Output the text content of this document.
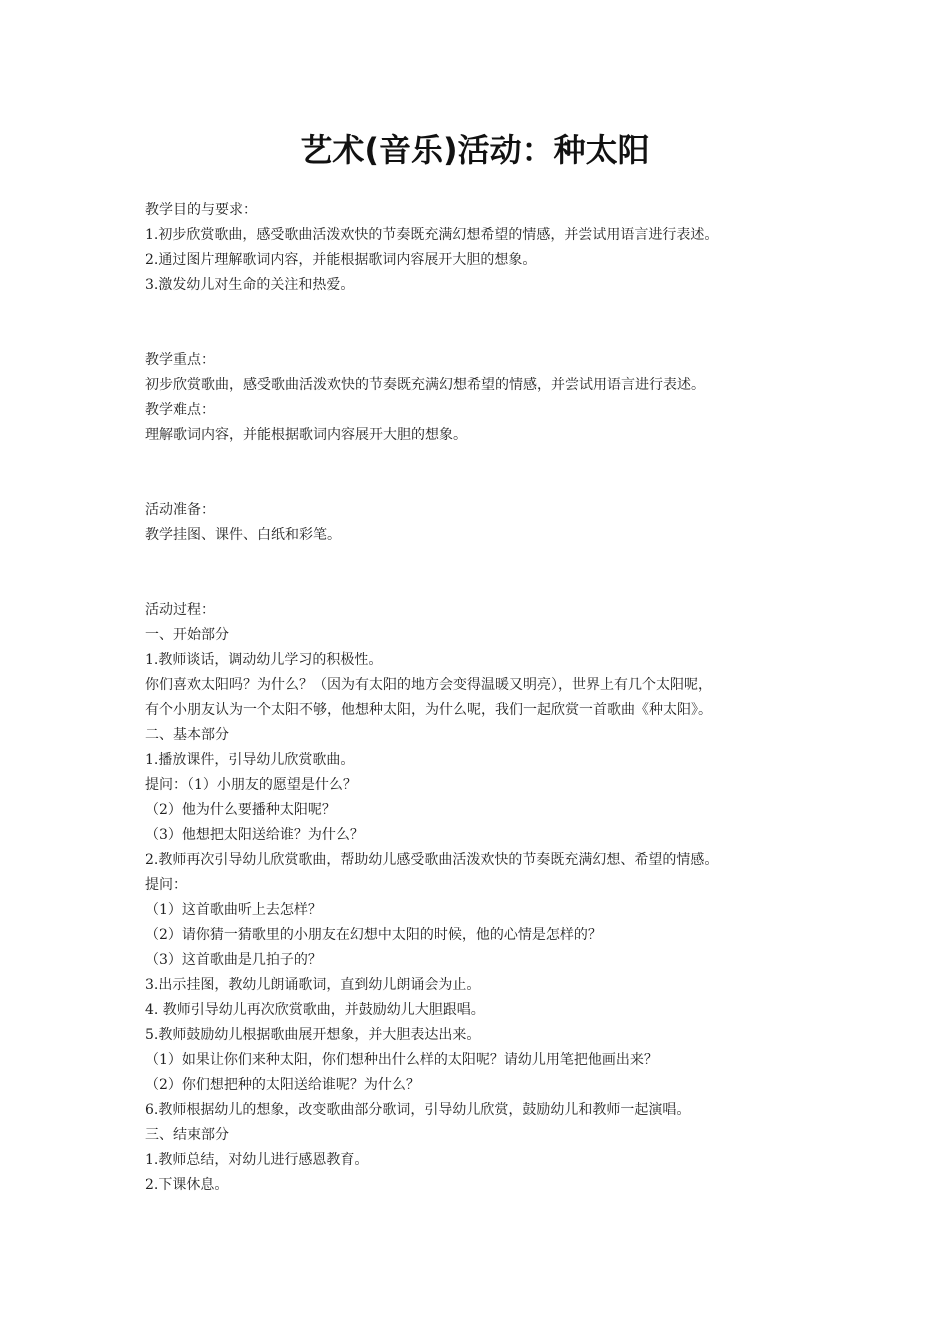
艺术(音乐)活动：种太阳
教学目的与要求：
1.初步欣赏歌曲，感受歌曲活泼欢快的节奏既充满幻想希望的情感，并尝试用语言进行表述。
2.通过图片理解歌词内容，并能根据歌词内容展开大胆的想象。
3.激发幼儿对生命的关注和热爱。
教学重点：
初步欣赏歌曲，感受歌曲活泼欢快的节奏既充满幻想希望的情感，并尝试用语言进行表述。
教学难点：
理解歌词内容，并能根据歌词内容展开大胆的想象。
活动准备：
教学挂图、课件、白纸和彩笔。
活动过程：
一、开始部分
1.教师谈话，调动幼儿学习的积极性。
你们喜欢太阳吗？为什么？（因为有太阳的地方会变得温暖又明亮），世界上有几个太阳呢，
有个小朋友认为一个太阳不够，他想种太阳，为什么呢，我们一起欣赏一首歌曲《种太阳》。
二、基本部分
1.播放课件，引导幼儿欣赏歌曲。
提问：（1）小朋友的愿望是什么？
（2）他为什么要播种太阳呢？
（3）他想把太阳送给谁？为什么？
2.教师再次引导幼儿欣赏歌曲，帮助幼儿感受歌曲活泼欢快的节奏既充满幻想、希望的情感。
提问：
（1）这首歌曲听上去怎样？
（2）请你猜一猜歌里的小朋友在幻想中太阳的时候，他的心情是怎样的？
（3）这首歌曲是几拍子的？
3.出示挂图，教幼儿朗诵歌词，直到幼儿朗诵会为止。
4. 教师引导幼儿再次欣赏歌曲，并鼓励幼儿大胆跟唱。
5.教师鼓励幼儿根据歌曲展开想象，并大胆表达出来。
（1）如果让你们来种太阳，你们想种出什么样的太阳呢？请幼儿用笔把他画出来？
（2）你们想把种的太阳送给谁呢？为什么？
6.教师根据幼儿的想象，改变歌曲部分歌词，引导幼儿欣赏，鼓励幼儿和教师一起演唱。
三、结束部分
1.教师总结，对幼儿进行感恩教育。
2.下课休息。
